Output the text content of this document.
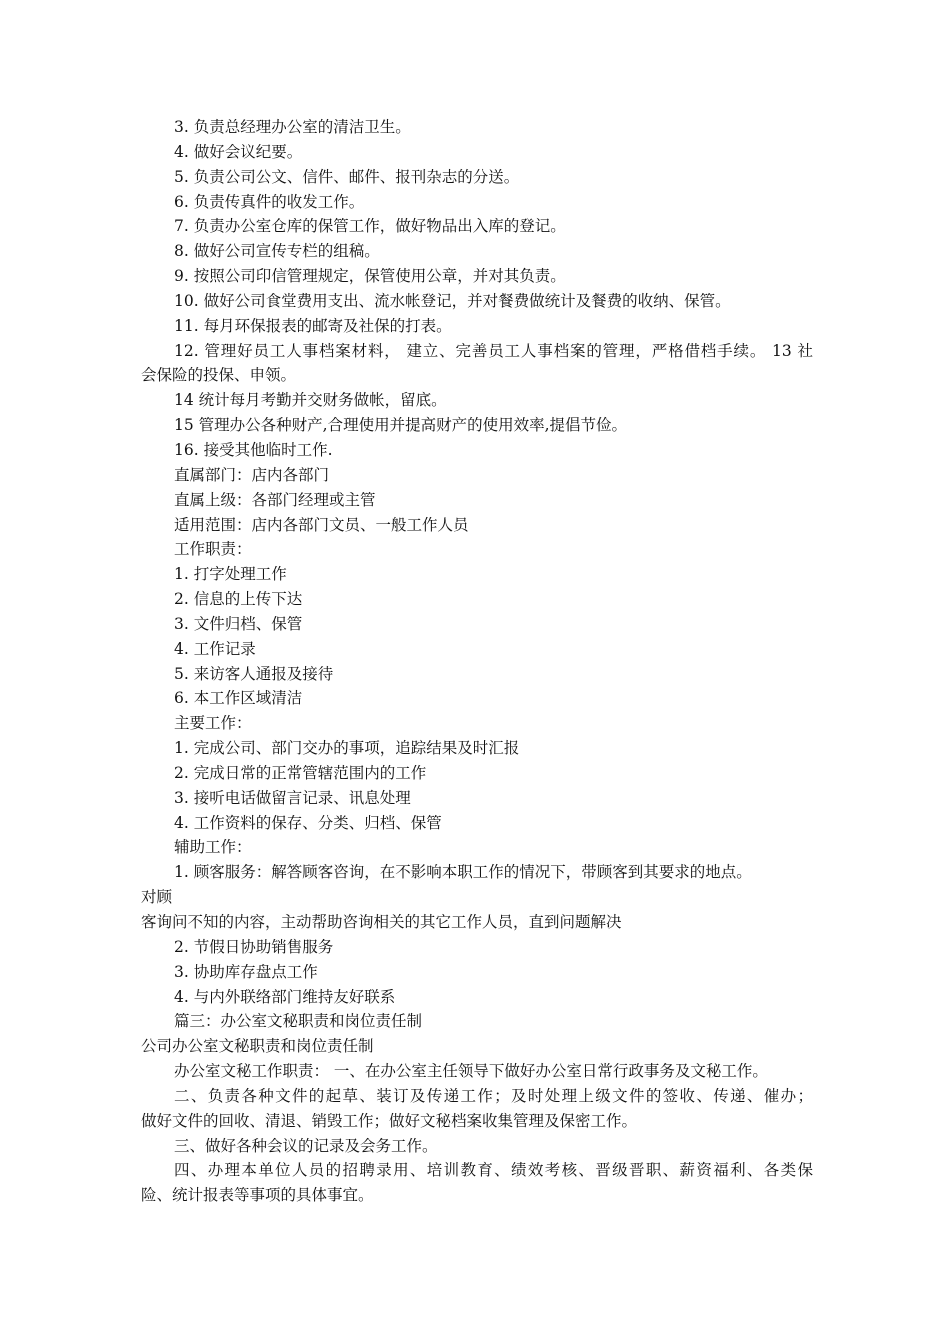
3. 负责总经理办公室的清洁卫生。
4. 做好会议纪要。
5. 负责公司公文、信件、邮件、报刊杂志的分送。
6. 负责传真件的收发工作。
7. 负责办公室仓库的保管工作，做好物品出入库的登记。
8. 做好公司宣传专栏的组稿。
9. 按照公司印信管理规定，保管使用公章，并对其负责。
10. 做好公司食堂费用支出、流水帐登记，并对餐费做统计及餐费的收纳、保管。
11. 每月环保报表的邮寄及社保的打表。
12. 管理好员工人事档案材料， 建立、完善员工人事档案的管理，严格借档手续。 13 社
会保险的投保、申领。
14 统计每月考勤并交财务做帐，留底。
15 管理办公各种财产,合理使用并提高财产的使用效率,提倡节俭。
16. 接受其他临时工作.
直属部门：店内各部门
直属上级：各部门经理或主管
适用范围：店内各部门文员、一般工作人员
工作职责：
1. 打字处理工作
2. 信息的上传下达
3. 文件归档、保管
4. 工作记录
5. 来访客人通报及接待
6. 本工作区域清洁
主要工作：
1. 完成公司、部门交办的事项，追踪结果及时汇报
2. 完成日常的正常管辖范围内的工作
3. 接听电话做留言记录、讯息处理
4. 工作资料的保存、分类、归档、保管
辅助工作：
1. 顾客服务：解答顾客咨询，在不影响本职工作的情况下，带顾客到其要求的地点。
对顾
客询问不知的内容，主动帮助咨询相关的其它工作人员，直到问题解决
2. 节假日协助销售服务
3. 协助库存盘点工作
4. 与内外联络部门维持友好联系
篇三：办公室文秘职责和岗位责任制
公司办公室文秘职责和岗位责任制
办公室文秘工作职责： 一、在办公室主任领导下做好办公室日常行政事务及文秘工作。
二、负责各种文件的起草、装订及传递工作；及时处理上级文件的签收、传递、催办；
做好文件的回收、清退、销毁工作；做好文秘档案收集管理及保密工作。
三、做好各种会议的记录及会务工作。
四、办理本单位人员的招聘录用、培训教育、绩效考核、晋级晋职、薪资福利、各类保
险、统计报表等事项的具体事宜。
